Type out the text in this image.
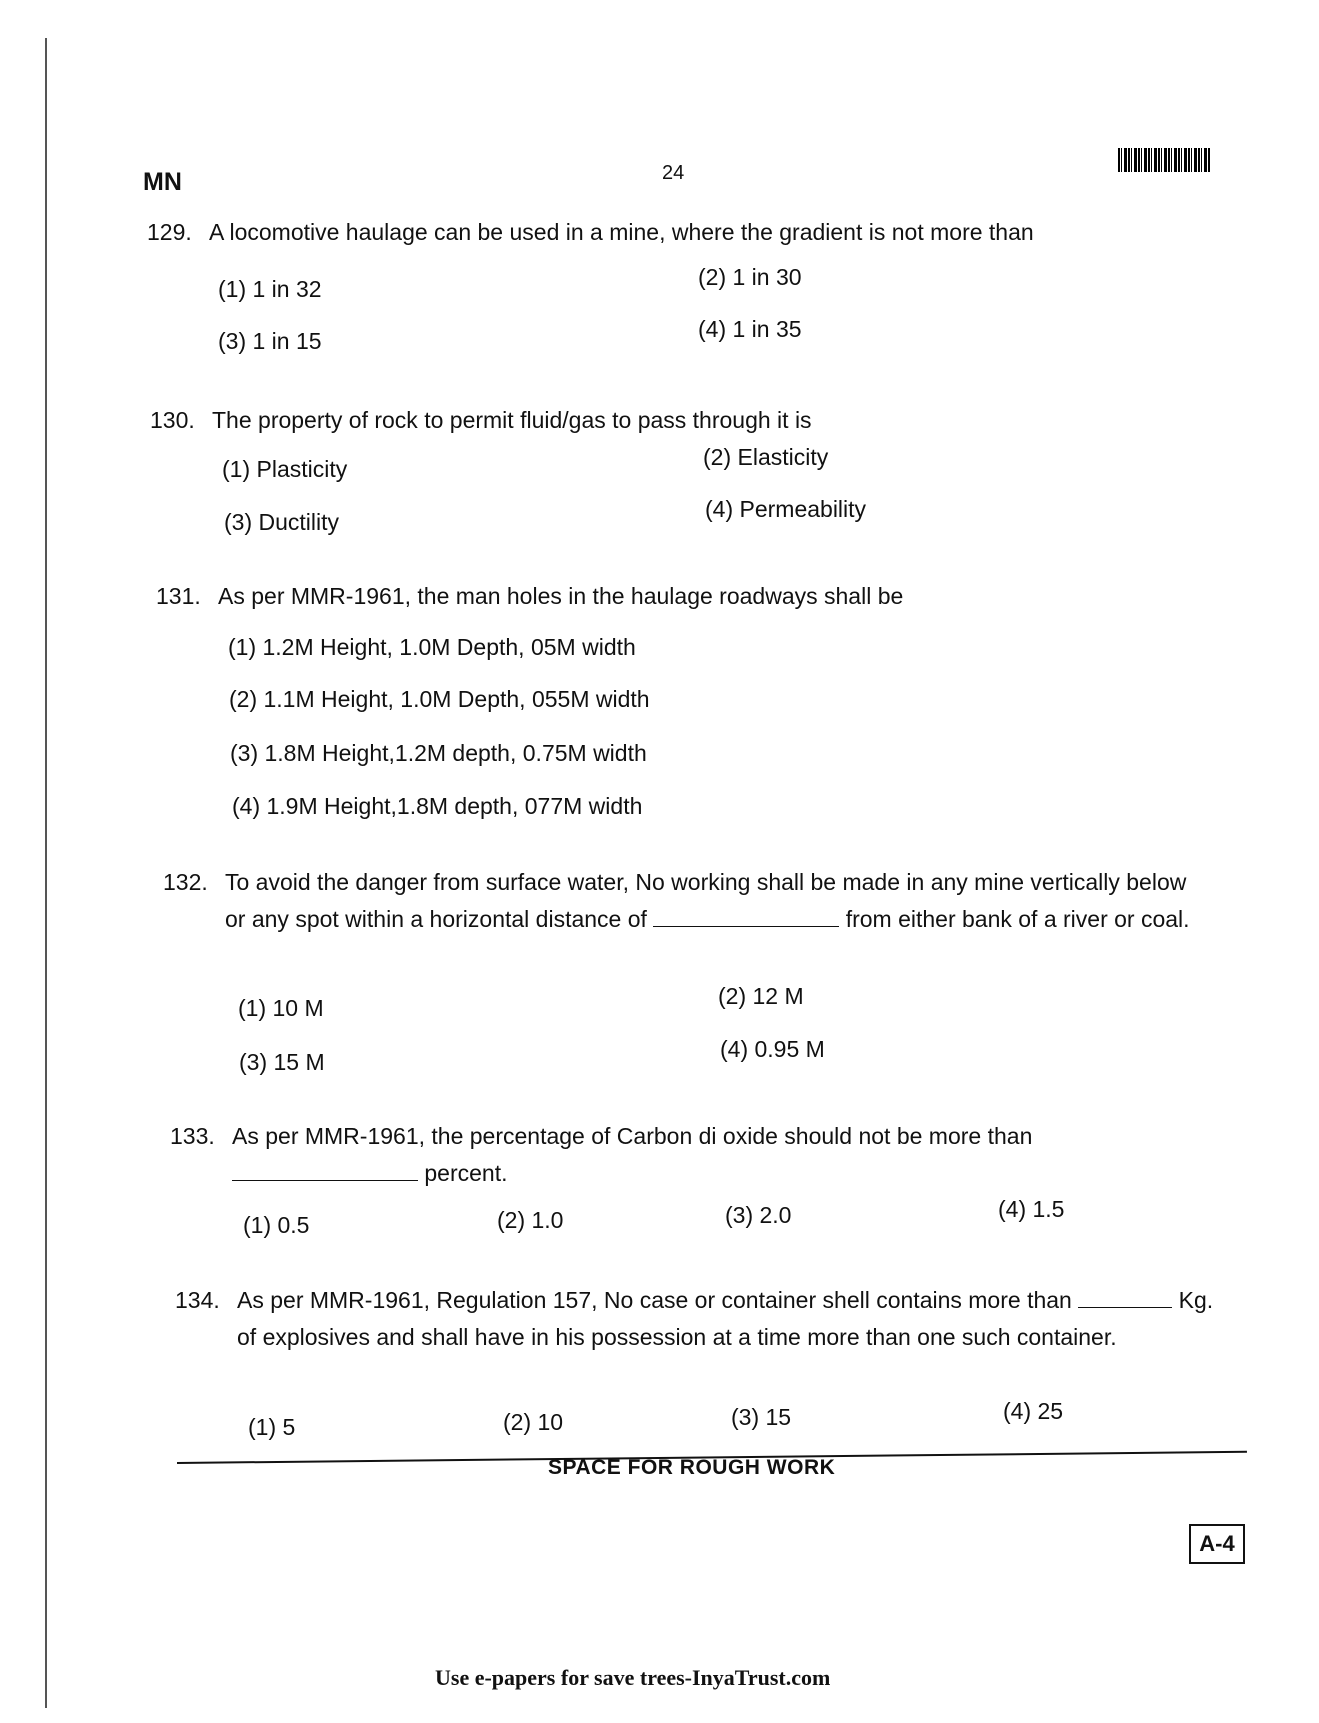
MN	24
129. A locomotive haulage can be used in a mine, where the gradient is not more than
(1) 1 in 32	(2) 1 in 30
(3) 1 in 15	(4) 1 in 35
130. The property of rock to permit fluid/gas to pass through it is
(1) Plasticity	(2) Elasticity
(3) Ductility	(4) Permeability
131. As per MMR-1961, the man holes in the haulage roadways shall be
(1) 1.2M Height, 1.0M Depth, 05M width
(2) 1.1M Height, 1.0M Depth, 055M width
(3) 1.8M Height,1.2M depth, 0.75M width
(4) 1.9M Height,1.8M depth, 077M width
132. To avoid the danger from surface water, No working shall be made in any mine vertically below or any spot within a horizontal distance of	from either bank of a river or coal.
(1) 10 M	(2) 12 M
(3) 15 M	(4) 0.95 M
133. As per MMR-1961, the percentage of Carbon di oxide should not be more than
percent.
(1) 0.5	(2) 1.0	(3) 2.0	(4) 1.5
134. As per MMR-1961, Regulation 157, No case or container shell contains more than	Kg. of explosives and shall have in his possession at a time more than one such container.
(1) 5	(2) 10	(3) 15	(4) 25
SPACE FOR ROUGH WORK
A-4
Use e-papers for save trees-InyaTrust.com
